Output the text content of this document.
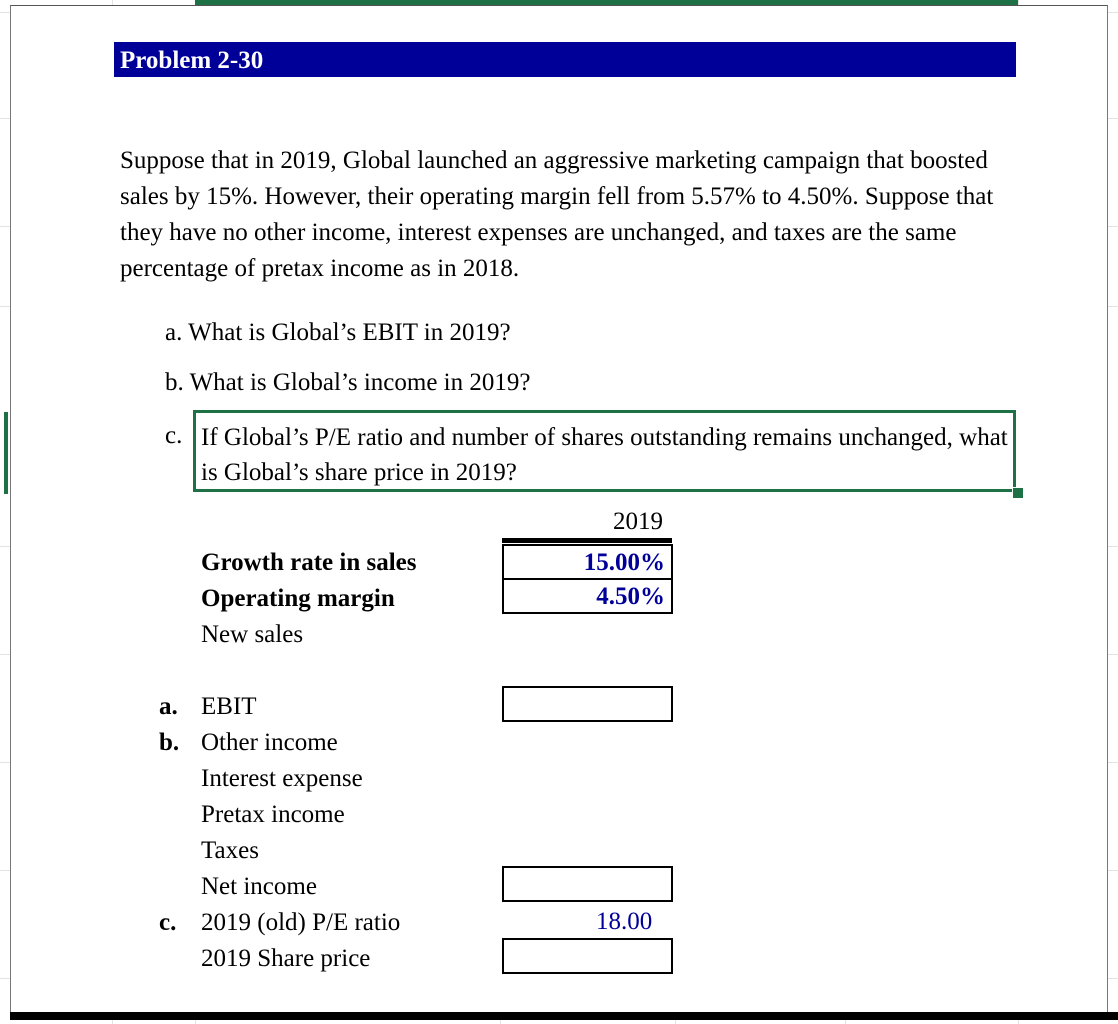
Problem 2-30
Suppose that in 2019, Global launched an aggressive marketing campaign that boosted sales by 15%. However, their operating margin fell from 5.57% to 4.50%. Suppose that they have no other income, interest expenses are unchanged, and taxes are the same percentage of pretax income as in 2018.
a. What is Global’s EBIT in 2019?
b. What is Global’s income in 2019?
c. If Global’s P/E ratio and number of shares outstanding remains unchanged, what is Global’s share price in 2019?
2019
Growth rate in sales	15.00%
Operating margin	4.50%
New sales
a. EBIT
b. Other income
Interest expense
Pretax income
Taxes
Net income
c. 2019 (old) P/E ratio	18.00
2019 Share price
